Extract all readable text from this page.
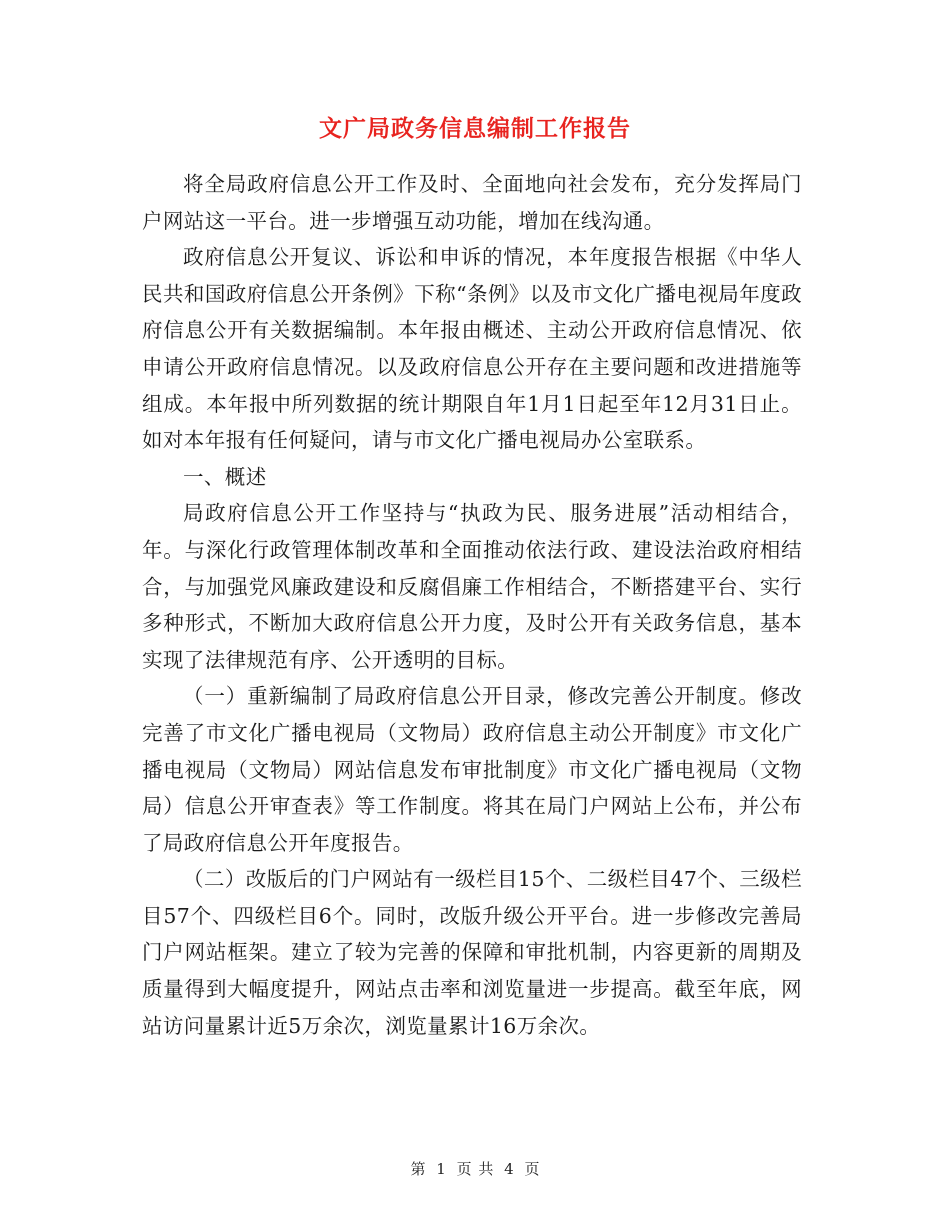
文广局政务信息编制工作报告

将全局政府信息公开工作及时、全面地向社会发布，充分发挥局门户网站这一平台。进一步增强互动功能，增加在线沟通。

政府信息公开复议、诉讼和申诉的情况，本年度报告根据《中华人民共和国政府信息公开条例》下称“条例》以及市文化广播电视局年度政府信息公开有关数据编制。本年报由概述、主动公开政府信息情况、依申请公开政府信息情况。以及政府信息公开存在主要问题和改进措施等组成。本年报中所列数据的统计期限自年1月1日起至年12月31日止。如对本年报有任何疑问，请与市文化广播电视局办公室联系。

一、概述

局政府信息公开工作坚持与“执政为民、服务进展”活动相结合，年。与深化行政管理体制改革和全面推动依法行政、建设法治政府相结合，与加强党风廉政建设和反腐倡廉工作相结合，不断搭建平台、实行多种形式，不断加大政府信息公开力度，及时公开有关政务信息，基本实现了法律规范有序、公开透明的目标。

（一）重新编制了局政府信息公开目录，修改完善公开制度。修改完善了市文化广播电视局（文物局）政府信息主动公开制度》市文化广播电视局（文物局）网站信息发布审批制度》市文化广播电视局（文物局）信息公开审查表》等工作制度。将其在局门户网站上公布，并公布了局政府信息公开年度报告。

（二）改版后的门户网站有一级栏目15个、二级栏目47个、三级栏目57个、四级栏目6个。同时，改版升级公开平台。进一步修改完善局门户网站框架。建立了较为完善的保障和审批机制，内容更新的周期及质量得到大幅度提升，网站点击率和浏览量进一步提高。截至年底，网站访问量累计近5万余次，浏览量累计16万余次。

第 1 页 共 4 页
